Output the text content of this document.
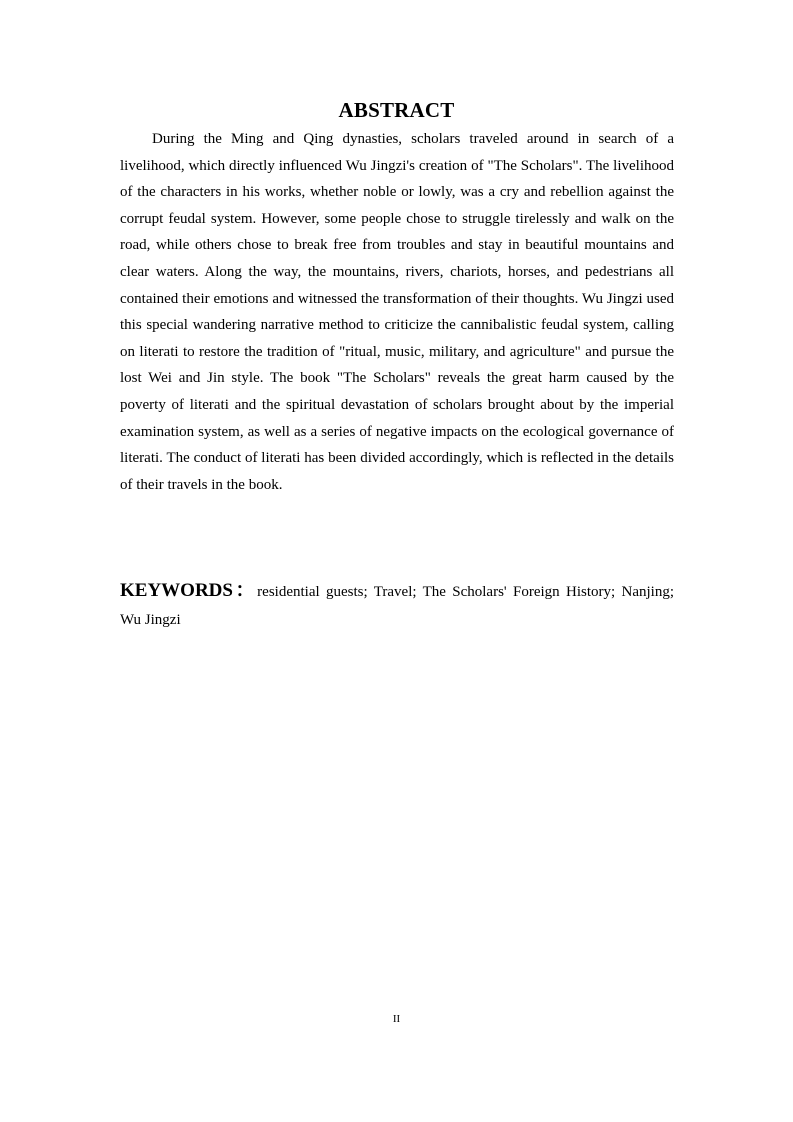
ABSTRACT

During the Ming and Qing dynasties, scholars traveled around in search of a livelihood, which directly influenced Wu Jingzi's creation of "The Scholars". The livelihood of the characters in his works, whether noble or lowly, was a cry and rebellion against the corrupt feudal system. However, some people chose to struggle tirelessly and walk on the road, while others chose to break free from troubles and stay in beautiful mountains and clear waters. Along the way, the mountains, rivers, chariots, horses, and pedestrians all contained their emotions and witnessed the transformation of their thoughts. Wu Jingzi used this special wandering narrative method to criticize the cannibalistic feudal system, calling on literati to restore the tradition of "ritual, music, military, and agriculture" and pursue the lost Wei and Jin style. The book "The Scholars" reveals the great harm caused by the poverty of literati and the spiritual devastation of scholars brought about by the imperial examination system, as well as a series of negative impacts on the ecological governance of literati. The conduct of literati has been divided accordingly, which is reflected in the details of their travels in the book.

KEYWORDS：residential guests; Travel; The Scholars' Foreign History; Nanjing; Wu Jingzi

II
